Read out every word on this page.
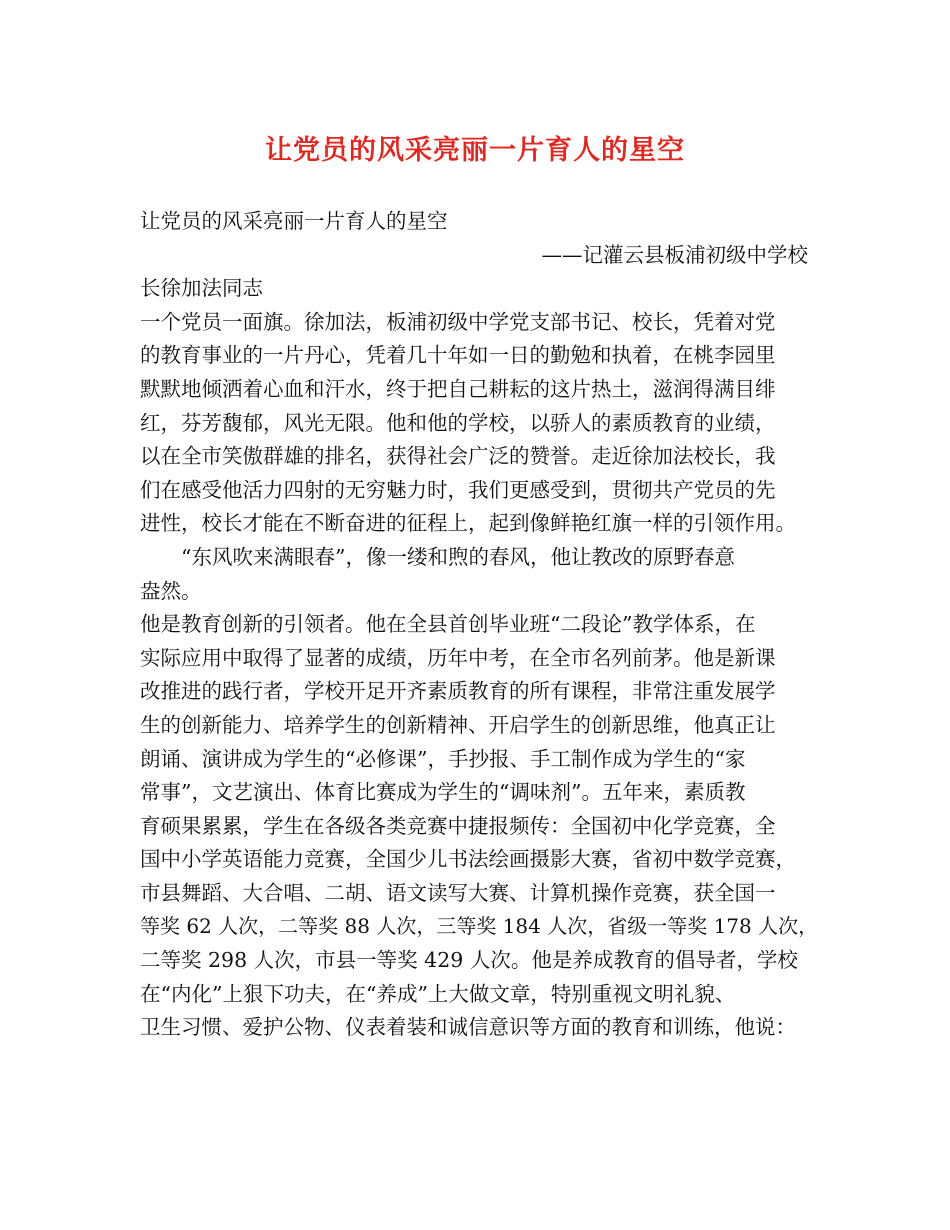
让党员的风采亮丽一片育人的星空
让党员的风采亮丽一片育人的星空
——记灌云县板浦初级中学校
长徐加法同志
一个党员一面旗。徐加法，板浦初级中学党支部书记、校长，凭着对党
的教育事业的一片丹心，凭着几十年如一日的勤勉和执着，在桃李园里
默默地倾洒着心血和汗水，终于把自己耕耘的这片热土，滋润得满目绯
红，芬芳馥郁，风光无限。他和他的学校，以骄人的素质教育的业绩，
以在全市笑傲群雄的排名，获得社会广泛的赞誉。走近徐加法校长，我
们在感受他活力四射的无穷魅力时，我们更感受到，贯彻共产党员的先
进性，校长才能在不断奋进的征程上，起到像鲜艳红旗一样的引领作用。
“东风吹来满眼春”，像一缕和煦的春风，他让教改的原野春意
盎然。
他是教育创新的引领者。他在全县首创毕业班“二段论”教学体系，在
实际应用中取得了显著的成绩，历年中考，在全市名列前茅。他是新课
改推进的践行者，学校开足开齐素质教育的所有课程，非常注重发展学
生的创新能力、培养学生的创新精神、开启学生的创新思维，他真正让
朗诵、演讲成为学生的“必修课”，手抄报、手工制作成为学生的“家
常事”，文艺演出、体育比赛成为学生的“调味剂”。五年来，素质教
育硕果累累，学生在各级各类竞赛中捷报频传：全国初中化学竞赛，全
国中小学英语能力竞赛，全国少儿书法绘画摄影大赛，省初中数学竞赛，
市县舞蹈、大合唱、二胡、语文读写大赛、计算机操作竞赛，获全国一
等奖 62 人次，二等奖 88 人次，三等奖 184 人次，省级一等奖 178 人次，
二等奖 298 人次，市县一等奖 429 人次。他是养成教育的倡导者，学校
在“内化”上狠下功夫，在“养成”上大做文章，特别重视文明礼貌、
卫生习惯、爱护公物、仪表着装和诚信意识等方面的教育和训练，他说：
